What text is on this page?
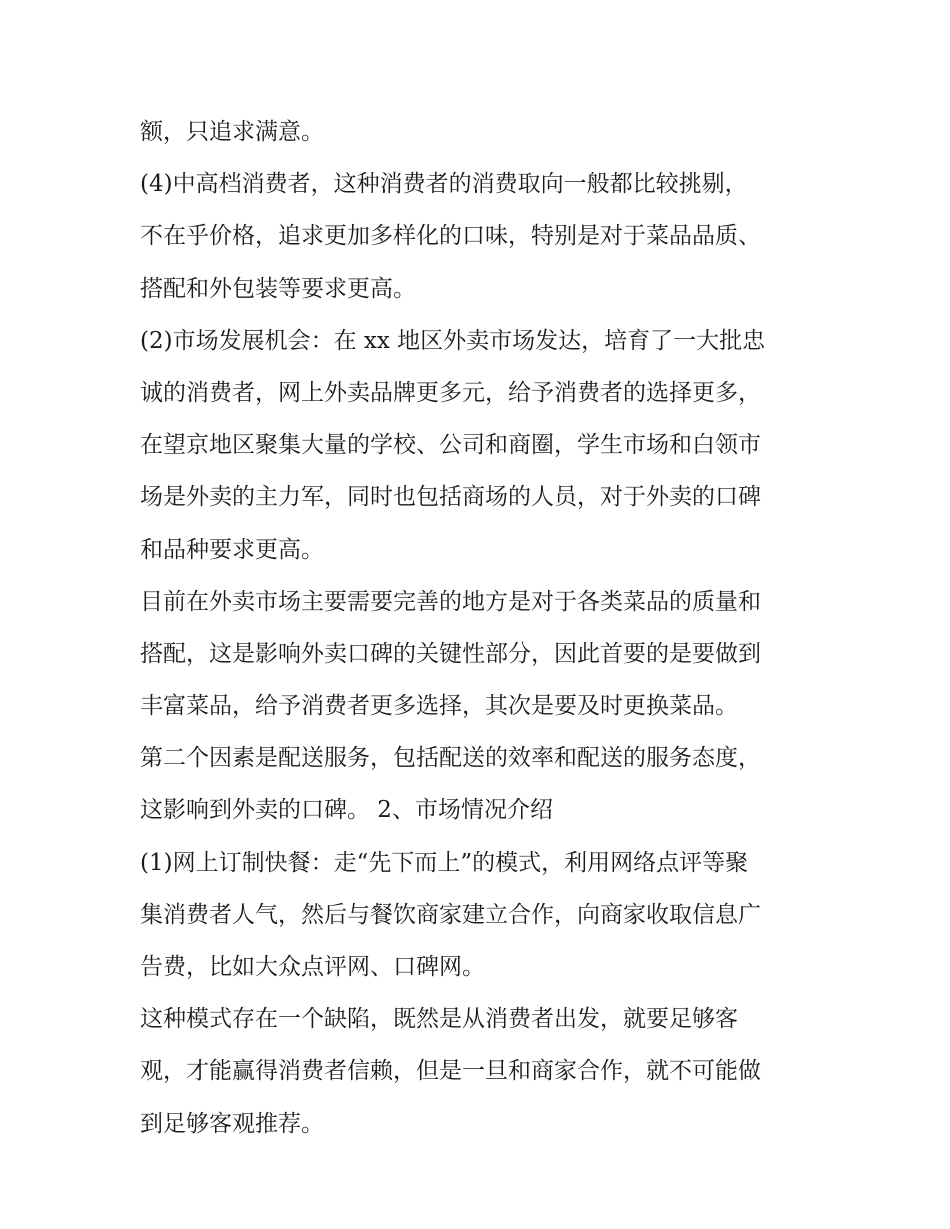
额，只追求满意。
(4)中高档消费者，这种消费者的消费取向一般都比较挑剔，
不在乎价格，追求更加多样化的口味，特别是对于菜品品质、
搭配和外包装等要求更高。
(2)市场发展机会：在 xx 地区外卖市场发达，培育了一大批忠
诚的消费者，网上外卖品牌更多元，给予消费者的选择更多，
在望京地区聚集大量的学校、公司和商圈，学生市场和白领市
场是外卖的主力军，同时也包括商场的人员，对于外卖的口碑
和品种要求更高。
目前在外卖市场主要需要完善的地方是对于各类菜品的质量和
搭配，这是影响外卖口碑的关键性部分，因此首要的是要做到
丰富菜品，给予消费者更多选择，其次是要及时更换菜品。
第二个因素是配送服务，包括配送的效率和配送的服务态度，
这影响到外卖的口碑。 2、市场情况介绍
(1)网上订制快餐：走“先下而上”的模式，利用网络点评等聚
集消费者人气，然后与餐饮商家建立合作，向商家收取信息广
告费，比如大众点评网、口碑网。
这种模式存在一个缺陷，既然是从消费者出发，就要足够客
观，才能赢得消费者信赖，但是一旦和商家合作，就不可能做
到足够客观推荐。
